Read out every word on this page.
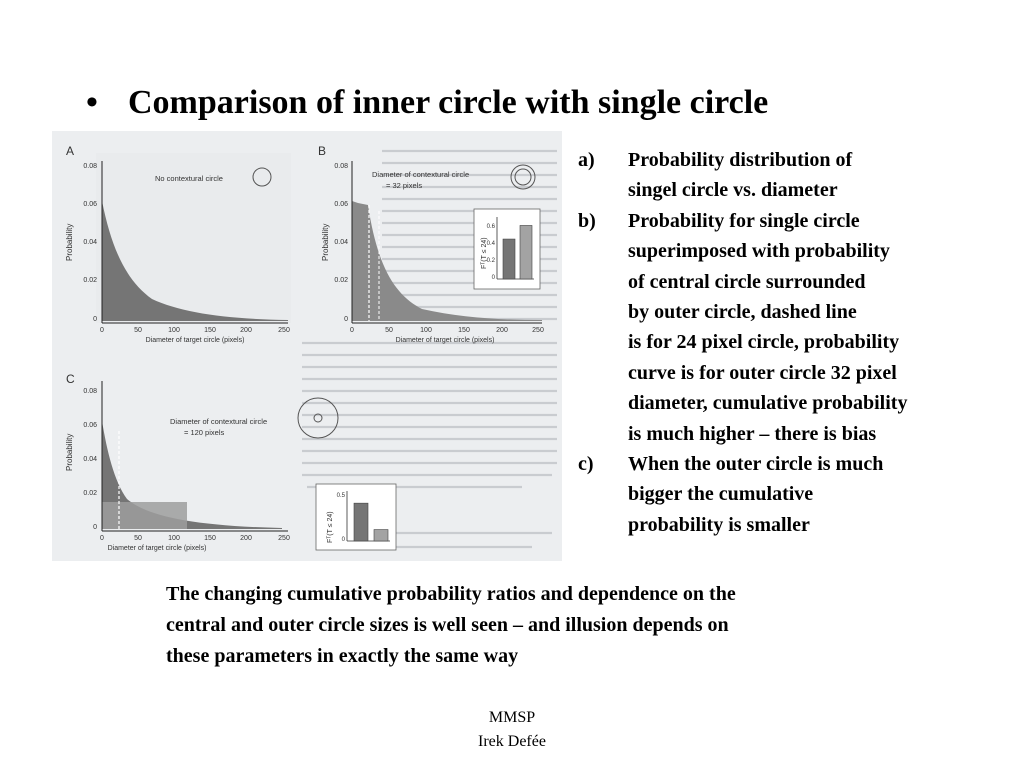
• Comparison of inner circle with single circle
A
Probability
0.08
0.06
0.04
0.02
0
0	50	100	150	200	250
Diameter of target circle (pixels)
No contextural circle
B
Probability
0.08
0.06
0.04
0.02
0
0	50	100	150	200	250
Diameter of target circle (pixels)
Diameter of contextural circle
= 32 pixels
Fᵀ(T ≤ 24)
0.6
0.4
0.2
0
C
Probability
0.08
0.06
0.04
0.02
0
0	50	100	150	200	250
Diameter of target circle (pixels)
Diameter of contextural circle
= 120 pixels
Fᵀ(T ≤ 24)
0.5
0
a) Probability distribution of
singel circle vs. diameter
b) Probability for single circle
superimposed with probability
of central circle surrounded
by outer circle, dashed line
is for 24 pixel circle, probability
curve is for outer circle 32 pixel
diameter, cumulative probability
is much higher – there is bias
c) When the outer circle is much
bigger the cumulative
probability is smaller
The changing cumulative probability ratios and dependence on the
central and outer circle sizes is well seen – and illusion depends on
these parameters in exactly the same way
MMSP
Irek Defée
